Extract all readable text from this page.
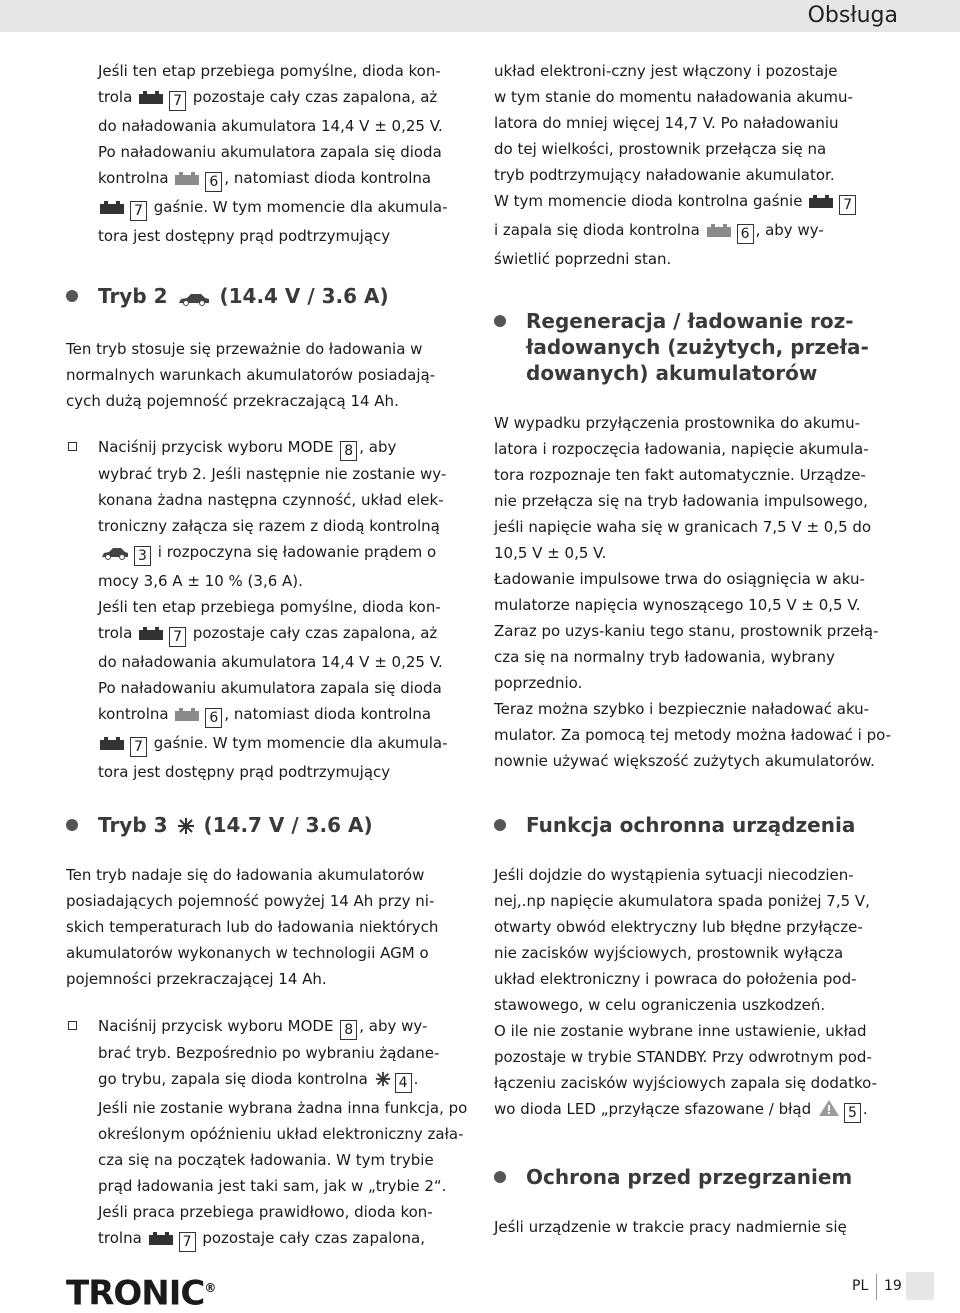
Obsługa

Jeśli ten etap przebiega pomyślne, dioda kon-

trola	7 pozostaje cały czas zapalona, aż

do naładowania akumulatora 14,4 V ± 0,25 V.

Po naładowaniu akumulatora zapala się dioda

kontrolna	6 , natomiast dioda kontrolna

7 gaśnie. W tym momencie dla akumula-

tora jest dostępny prąd podtrzymujący

Tryb 2	(14.4 V / 3.6 A)

Ten tryb stosuje się przeważnie do ładowania w

normalnych warunkach akumulatorów posiadają-

cych dużą pojemność przekraczającą 14 Ah.

Naciśnij przycisk wyboru MODE 8 , aby

wybrać tryb 2. Jeśli następnie nie zostanie wy-

konana żadna następna czynność, układ elek-

troniczny załącza się razem z diodą kontrolną

3 i rozpoczyna się ładowanie prądem o

mocy 3,6 A ± 10 % (3,6 A).

Jeśli ten etap przebiega pomyślne, dioda kon-

trola	7 pozostaje cały czas zapalona, aż

do naładowania akumulatora 14,4 V ± 0,25 V.

Po naładowaniu akumulatora zapala się dioda

kontrolna	6 , natomiast dioda kontrolna

7 gaśnie. W tym momencie dla akumula-

tora jest dostępny prąd podtrzymujący

Tryb 3 (14.7 V / 3.6 A)

Ten tryb nadaje się do ładowania akumulatorów

posiadających pojemność powyżej 14 Ah przy ni-

skich temperaturach lub do ładowania niektórych

akumulatorów wykonanych w technologii AGM o

pojemności przekraczającej 14 Ah.

Naciśnij przycisk wyboru MODE 8 , aby wy-

brać tryb. Bezpośrednio po wybraniu żądane-

go trybu, zapala się dioda kontrolna 4 .

Jeśli nie zostanie wybrana żadna inna funkcja, po

określonym opóźnieniu układ elektroniczny zała-

cza się na początek ładowania. W tym trybie

prąd ładowania jest taki sam, jak w „trybie 2“.

Jeśli praca przebiega prawidłowo, dioda kon-

trolna	7 pozostaje cały czas zapalona,

układ elektroni-czny jest włączony i pozostaje

w tym stanie do momentu naładowania akumu-

latora do mniej więcej 14,7 V. Po naładowaniu

do tej wielkości, prostownik przełącza się na

tryb podtrzymujący naładowanie akumulator.

W tym momencie dioda kontrolna gaśnie	7

i zapala się dioda kontrolna	6 , aby wy-

świetlić poprzedni stan.

Regeneracja / ładowanie roz-

ładowanych (zużytych, przeła-

dowanych) akumulatorów

W wypadku przyłączenia prostownika do akumu-

latora i rozpoczęcia ładowania, napięcie akumula-

tora rozpoznaje ten fakt automatycznie. Urządze-

nie przełącza się na tryb ładowania impulsowego,

jeśli napięcie waha się w granicach 7,5 V ± 0,5 do

10,5 V ± 0,5 V.

Ładowanie impulsowe trwa do osiągnięcia w aku-

mulatorze napięcia wynoszącego 10,5 V ± 0,5 V.

Zaraz po uzys-kaniu tego stanu, prostownik przełą-

cza się na normalny tryb ładowania, wybrany

poprzednio.

Teraz można szybko i bezpiecznie naładować aku-

mulator. Za pomocą tej metody można ładować i po-

nownie używać większość zużytych akumulatorów.

Funkcja ochronna urządzenia

Jeśli dojdzie do wystąpienia sytuacji niecodzien-

nej,.np napięcie akumulatora spada poniżej 7,5 V,

otwarty obwód elektryczny lub błędne przyłącze-

nie zacisków wyjściowych, prostownik wyłącza

układ elektroniczny i powraca do położenia pod-

stawowego, w celu ograniczenia uszkodzeń.

O ile nie zostanie wybrane inne ustawienie, układ

pozostaje w trybie STANDBY. Przy odwrotnym pod-

łączeniu zacisków wyjściowych zapala się dodatko-

wo dioda LED „przyłącze sfazowane / błąd	5 .

Ochrona przed przegrzaniem

Jeśli urządzenie w trakcie pracy nadmiernie się

TRONIC®	PL 19
